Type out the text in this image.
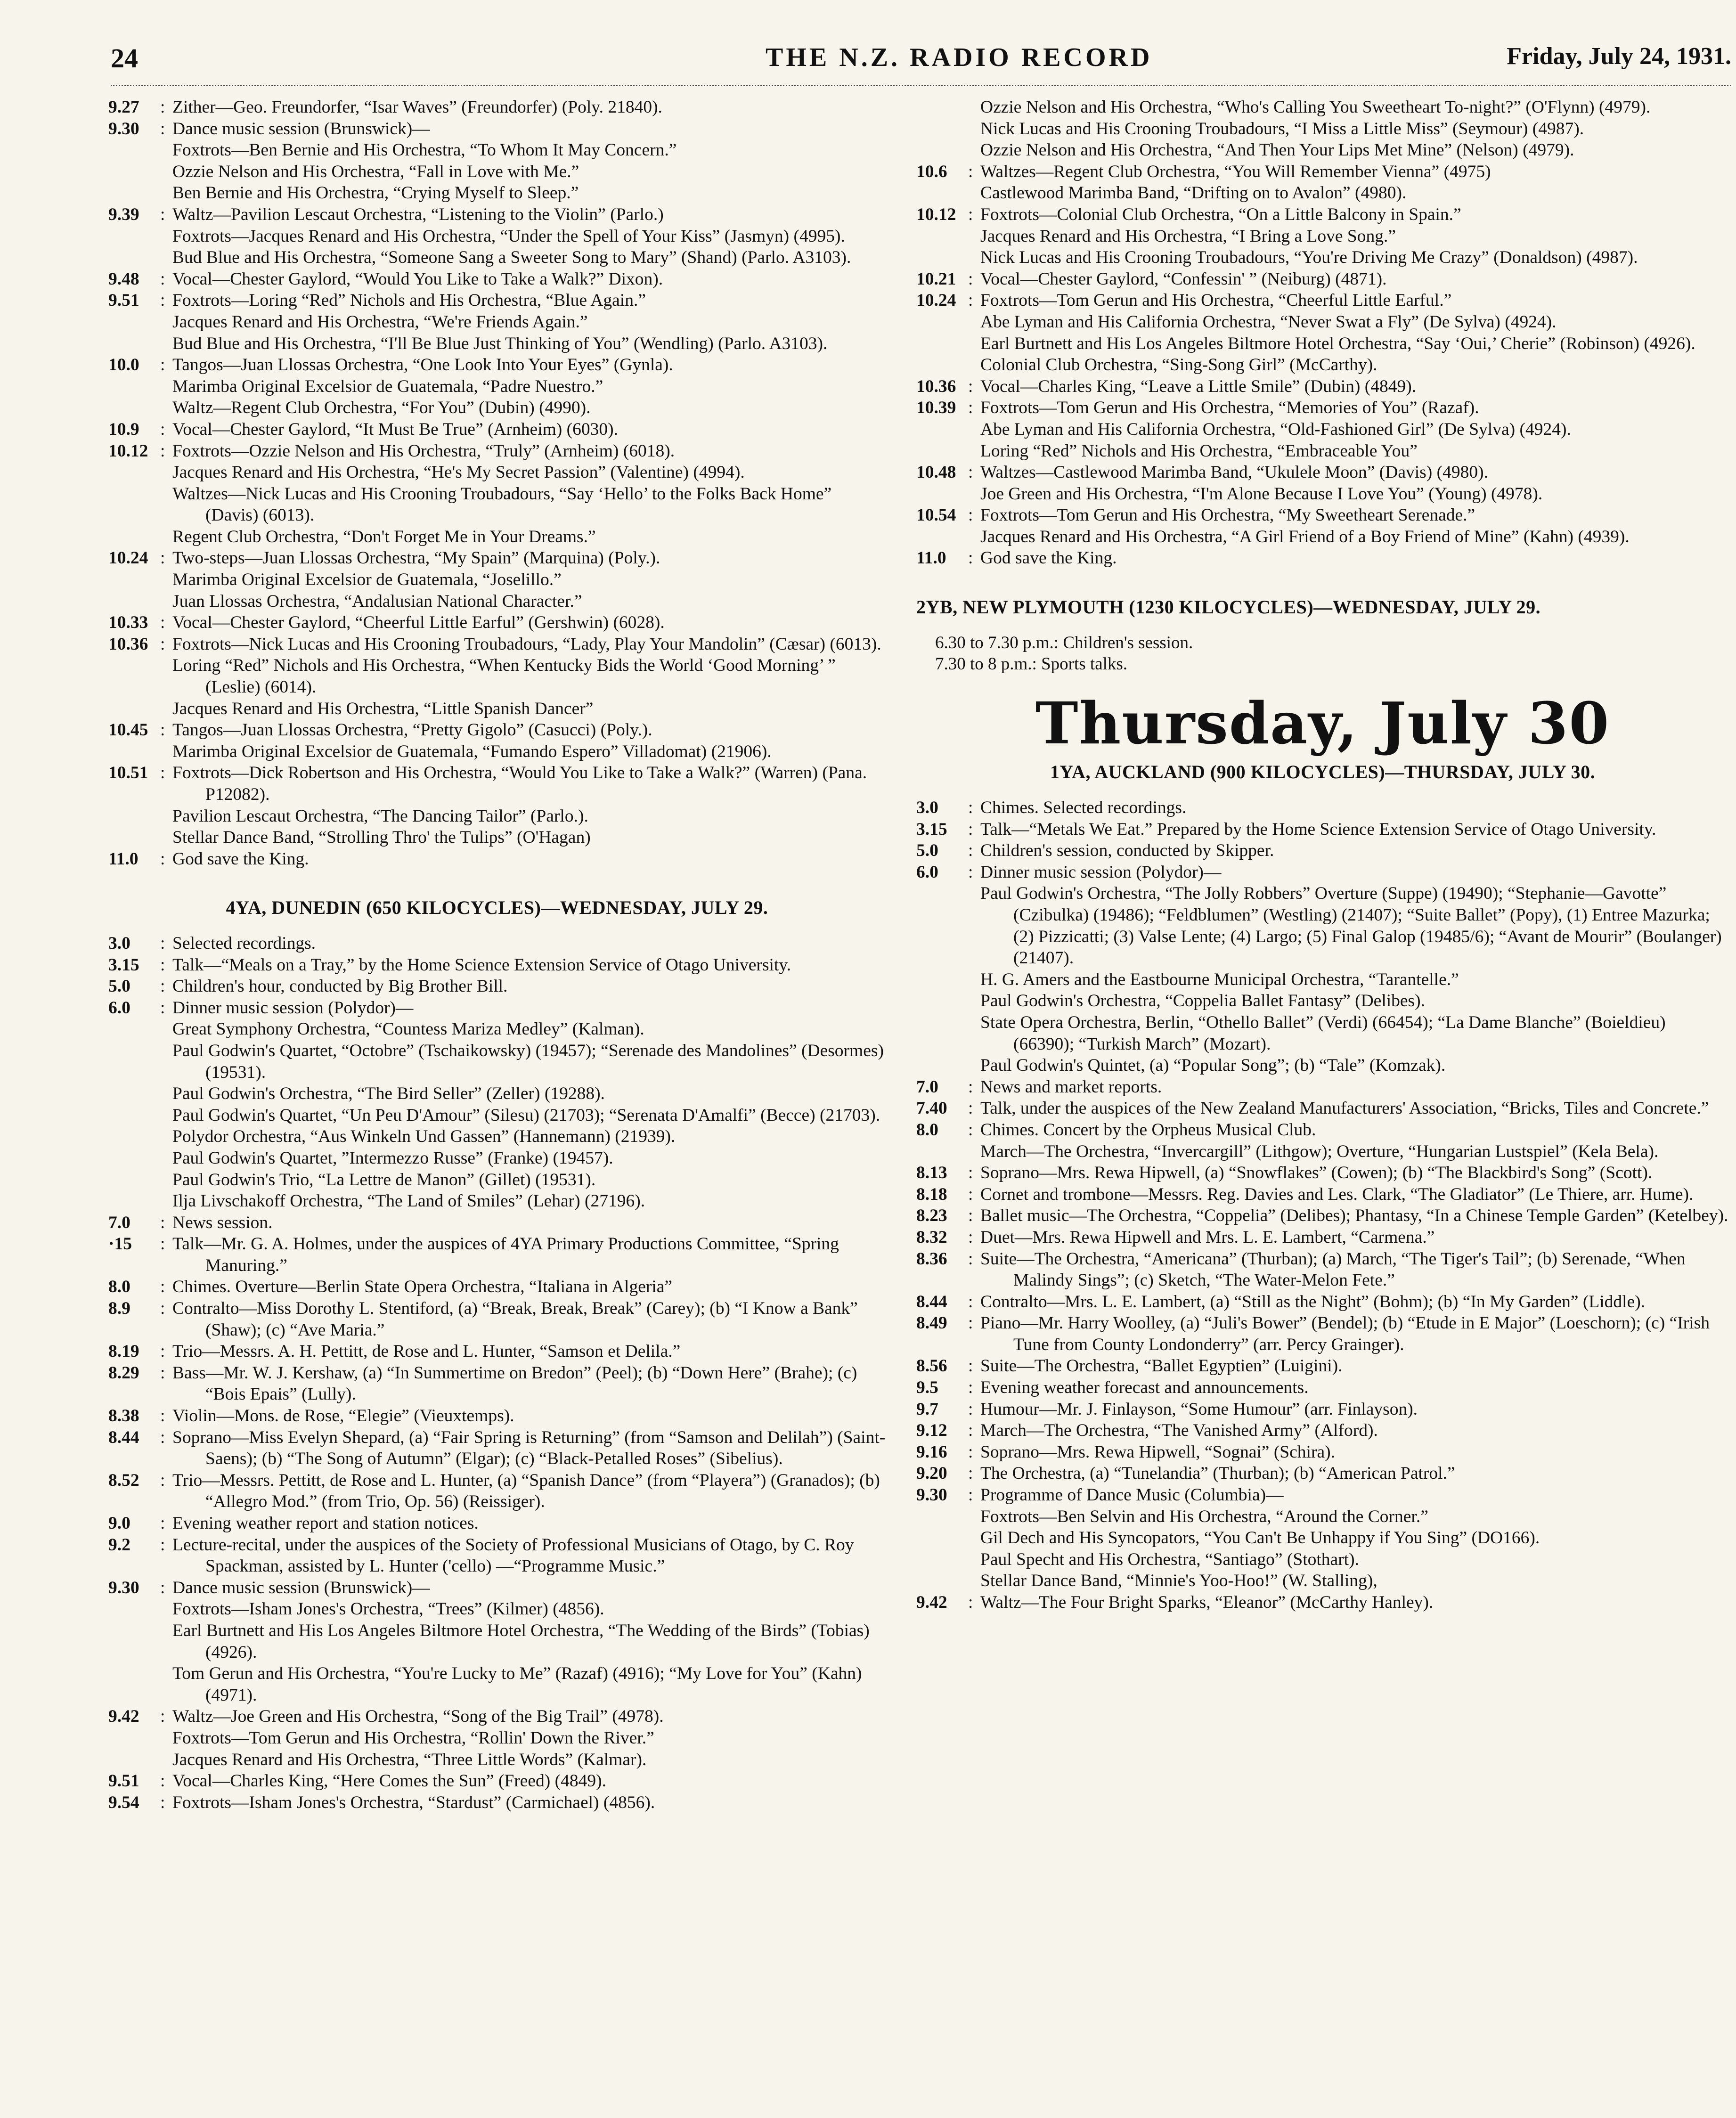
24	THE N.Z. RADIO RECORD	Friday, July 24, 1931.
9.27	: Zither—Geo. Freundorfer, “Isar Waves” (Freundorfer) (Poly. 21840).
9.30	: Dance music session (Brunswick)—
Foxtrots—Ben Bernie and His Orchestra, “To Whom It May Concern.”
Ozzie Nelson and His Orchestra, “Fall in Love with Me.”
Ben Bernie and His Orchestra, “Crying Myself to Sleep.”
9.39	: Waltz—Pavilion Lescaut Orchestra, “Listening to the Violin” (Parlo.)
Foxtrots—Jacques Renard and His Orchestra, “Under the Spell of Your Kiss” (Jasmyn) (4995).
Bud Blue and His Orchestra, “Someone Sang a Sweeter Song to Mary” (Shand) (Parlo. A3103).
9.48	: Vocal—Chester Gaylord, “Would You Like to Take a Walk?” Dixon).
9.51	: Foxtrots—Loring “Red” Nichols and His Orchestra, “Blue Again.”
Jacques Renard and His Orchestra, “We're Friends Again.”
Bud Blue and His Orchestra, “I'll Be Blue Just Thinking of You” (Wendling) (Parlo. A3103).
10.0	: Tangos—Juan Llossas Orchestra, “One Look Into Your Eyes” (Gynla).
Marimba Original Excelsior de Guatemala, “Padre Nuestro.”
Waltz—Regent Club Orchestra, “For You” (Dubin) (4990).
10.9	: Vocal—Chester Gaylord, “It Must Be True” (Arnheim) (6030).
10.12 : Foxtrots—Ozzie Nelson and His Orchestra, “Truly” (Arnheim) (6018).
Jacques Renard and His Orchestra, “He's My Secret Passion” (Valentine) (4994).
Waltzes—Nick Lucas and His Crooning Troubadours, “Say ‘Hello’ to the Folks Back Home” (Davis) (6013).
Regent Club Orchestra, “Don't Forget Me in Your Dreams.”
10.24 : Two-steps—Juan Llossas Orchestra, “My Spain” (Marquina) (Poly.).
Marimba Original Excelsior de Guatemala, “Joselillo.”
Juan Llossas Orchestra, “Andalusian National Character.”
10.33 : Vocal—Chester Gaylord, “Cheerful Little Earful” (Gershwin) (6028).
10.36 : Foxtrots—Nick Lucas and His Crooning Troubadours, “Lady, Play Your Mandolin” (Cæsar) (6013).
Loring “Red” Nichols and His Orchestra, “When Kentucky Bids the World ‘Good Morning’ ” (Leslie) (6014).
Jacques Renard and His Orchestra, “Little Spanish Dancer”
10.45 : Tangos—Juan Llossas Orchestra, “Pretty Gigolo” (Casucci) (Poly.).
Marimba Original Excelsior de Guatemala, “Fumando Espero” Villadomat) (21906).
10.51 : Foxtrots—Dick Robertson and His Orchestra, “Would You Like to Take a Walk?” (Warren) (Pana. P12082).
Pavilion Lescaut Orchestra, “The Dancing Tailor” (Parlo.).
Stellar Dance Band, “Strolling Thro' the Tulips” (O'Hagan)
11.0	: God save the King.
4YA, DUNEDIN (650 KILOCYCLES)—WEDNESDAY, JULY 29.
3.0	: Selected recordings.
3.15	: Talk—“Meals on a Tray,” by the Home Science Extension Service of Otago University.
5.0	: Children's hour, conducted by Big Brother Bill.
6.0	: Dinner music session (Polydor)—
Great Symphony Orchestra, “Countess Mariza Medley” (Kalman).
Paul Godwin's Quartet, “Octobre” (Tschaikowsky) (19457); “Serenade des Mandolines” (Desormes) (19531).
Paul Godwin's Orchestra, “The Bird Seller” (Zeller) (19288).
Paul Godwin's Quartet, “Un Peu D'Amour” (Silesu) (21703); “Serenata D'Amalfi” (Becce) (21703).
Polydor Orchestra, “Aus Winkeln Und Gassen” (Hannemann) (21939).
Paul Godwin's Quartet, ”Intermezzo Russe” (Franke) (19457).
Paul Godwin's Trio, “La Lettre de Manon” (Gillet) (19531).
Ilja Livschakoff Orchestra, “The Land of Smiles” (Lehar) (27196).
7.0	: News session.
·15	: Talk—Mr. G. A. Holmes, under the auspices of 4YA Primary Productions Committee, “Spring Manuring.”
8.0	: Chimes. Overture—Berlin State Opera Orchestra, “Italiana in Algeria”
8.9	: Contralto—Miss Dorothy L. Stentiford, (a) “Break, Break, Break” (Carey); (b) “I Know a Bank” (Shaw); (c) “Ave Maria.”
8.19	: Trio—Messrs. A. H. Pettitt, de Rose and L. Hunter, “Samson et Delila.”
8.29	: Bass—Mr. W. J. Kershaw, (a) “In Summertime on Bredon” (Peel); (b) “Down Here” (Brahe); (c) “Bois Epais” (Lully).
8.38	: Violin—Mons. de Rose, “Elegie” (Vieuxtemps).
8.44	: Soprano—Miss Evelyn Shepard, (a) “Fair Spring is Returning” (from “Samson and Delilah”) (Saint-Saens); (b) “The Song of Autumn” (Elgar); (c) “Black-Petalled Roses” (Sibelius).
8.52	: Trio—Messrs. Pettitt, de Rose and L. Hunter, (a) “Spanish Dance” (from “Playera”) (Granados); (b) “Allegro Mod.” (from Trio, Op. 56) (Reissiger).
9.0	: Evening weather report and station notices.
9.2	: Lecture-recital, under the auspices of the Society of Professional Musicians of Otago, by C. Roy Spackman, assisted by L. Hunter ('cello) —“Programme Music.”
9.30	: Dance music session (Brunswick)—
Foxtrots—Isham Jones's Orchestra, “Trees” (Kilmer) (4856).
Earl Burtnett and His Los Angeles Biltmore Hotel Orchestra, “The Wedding of the Birds” (Tobias) (4926).
Tom Gerun and His Orchestra, “You're Lucky to Me” (Razaf) (4916); “My Love for You” (Kahn) (4971).
9.42	: Waltz—Joe Green and His Orchestra, “Song of the Big Trail” (4978).
Foxtrots—Tom Gerun and His Orchestra, “Rollin' Down the River.”
Jacques Renard and His Orchestra, “Three Little Words” (Kalmar).
9.51	: Vocal—Charles King, “Here Comes the Sun” (Freed) (4849).
9.54	: Foxtrots—Isham Jones's Orchestra, “Stardust” (Carmichael) (4856).
Ozzie Nelson and His Orchestra, “Who's Calling You Sweetheart To-night?” (O'Flynn) (4979).
Nick Lucas and His Crooning Troubadours, “I Miss a Little Miss” (Seymour) (4987).
Ozzie Nelson and His Orchestra, “And Then Your Lips Met Mine” (Nelson) (4979).
10.6	: Waltzes—Regent Club Orchestra, “You Will Remember Vienna” (4975)
Castlewood Marimba Band, “Drifting on to Avalon” (4980).
10.12 : Foxtrots—Colonial Club Orchestra, “On a Little Balcony in Spain.”
Jacques Renard and His Orchestra, “I Bring a Love Song.”
Nick Lucas and His Crooning Troubadours, “You're Driving Me Crazy” (Donaldson) (4987).
10.21 : Vocal—Chester Gaylord, “Confessin' ” (Neiburg) (4871).
10.24 : Foxtrots—Tom Gerun and His Orchestra, “Cheerful Little Earful.”
Abe Lyman and His California Orchestra, “Never Swat a Fly” (De Sylva) (4924).
Earl Burtnett and His Los Angeles Biltmore Hotel Orchestra, “Say ‘Oui,’ Cherie” (Robinson) (4926).
Colonial Club Orchestra, “Sing-Song Girl” (McCarthy).
10.36 : Vocal—Charles King, “Leave a Little Smile” (Dubin) (4849).
10.39 : Foxtrots—Tom Gerun and His Orchestra, “Memories of You” (Razaf).
Abe Lyman and His California Orchestra, “Old-Fashioned Girl” (De Sylva) (4924).
Loring “Red” Nichols and His Orchestra, “Embraceable You”
10.48 : Waltzes—Castlewood Marimba Band, “Ukulele Moon” (Davis) (4980).
Joe Green and His Orchestra, “I'm Alone Because I Love You” (Young) (4978).
10.54 : Foxtrots—Tom Gerun and His Orchestra, “My Sweetheart Serenade.”
Jacques Renard and His Orchestra, “A Girl Friend of a Boy Friend of Mine” (Kahn) (4939).
11.0	: God save the King.
2YB, NEW PLYMOUTH (1230 KILOCYCLES)—WEDNESDAY, JULY 29.
6.30 to 7.30 p.m.: Children's session.
7.30 to 8 p.m.: Sports talks.
Thursday, July 30
1YA, AUCKLAND (900 KILOCYCLES)—THURSDAY, JULY 30.
3.0	: Chimes. Selected recordings.
3.15	: Talk—“Metals We Eat.” Prepared by the Home Science Extension Service of Otago University.
5.0	: Children's session, conducted by Skipper.
6.0	: Dinner music session (Polydor)—
Paul Godwin's Orchestra, “The Jolly Robbers” Overture (Suppe) (19490); “Stephanie—Gavotte” (Czibulka) (19486); “Feldblumen” (Westling) (21407); “Suite Ballet” (Popy), (1) Entree Mazurka; (2) Pizzicatti; (3) Valse Lente; (4) Largo; (5) Final Galop (19485/6); “Avant de Mourir” (Boulanger) (21407).
H. G. Amers and the Eastbourne Municipal Orchestra, “Tarantelle.”
Paul Godwin's Orchestra, “Coppelia Ballet Fantasy” (Delibes).
State Opera Orchestra, Berlin, “Othello Ballet” (Verdi) (66454); “La Dame Blanche” (Boieldieu) (66390); “Turkish March” (Mozart).
Paul Godwin's Quintet, (a) “Popular Song”; (b) “Tale” (Komzak).
7.0	: News and market reports.
7.40	: Talk, under the auspices of the New Zealand Manufacturers' Association, “Bricks, Tiles and Concrete.”
8.0	: Chimes. Concert by the Orpheus Musical Club.
March—The Orchestra, “Invercargill” (Lithgow); Overture, “Hungarian Lustspiel” (Kela Bela).
8.13	: Soprano—Mrs. Rewa Hipwell, (a) “Snowflakes” (Cowen); (b) “The Blackbird's Song” (Scott).
8.18	: Cornet and trombone—Messrs. Reg. Davies and Les. Clark, “The Gladiator” (Le Thiere, arr. Hume).
8.23	: Ballet music—The Orchestra, “Coppelia” (Delibes); Phantasy, “In a Chinese Temple Garden” (Ketelbey).
8.32	: Duet—Mrs. Rewa Hipwell and Mrs. L. E. Lambert, “Carmena.”
8.36	: Suite—The Orchestra, “Americana” (Thurban); (a) March, “The Tiger's Tail”; (b) Serenade, “When Malindy Sings”; (c) Sketch, “The Water-Melon Fete.”
8.44	: Contralto—Mrs. L. E. Lambert, (a) “Still as the Night” (Bohm); (b) “In My Garden” (Liddle).
8.49	: Piano—Mr. Harry Woolley, (a) “Juli's Bower” (Bendel); (b) “Etude in E Major” (Loeschorn); (c) “Irish Tune from County Londonderry” (arr. Percy Grainger).
8.56	: Suite—The Orchestra, “Ballet Egyptien” (Luigini).
9.5	: Evening weather forecast and announcements.
9.7	: Humour—Mr. J. Finlayson, “Some Humour” (arr. Finlayson).
9.12	: March—The Orchestra, “The Vanished Army” (Alford).
9.16	: Soprano—Mrs. Rewa Hipwell, “Sognai” (Schira).
9.20	: The Orchestra, (a) “Tunelandia” (Thurban); (b) “American Patrol.”
9.30	: Programme of Dance Music (Columbia)—
Foxtrots—Ben Selvin and His Orchestra, “Around the Corner.”
Gil Dech and His Syncopators, “You Can't Be Unhappy if You Sing” (DO166).
Paul Specht and His Orchestra, “Santiago” (Stothart).
Stellar Dance Band, “Minnie's Yoo-Hoo!” (W. Stalling),
9.42	: Waltz—The Four Bright Sparks, “Eleanor” (McCarthy Hanley).
